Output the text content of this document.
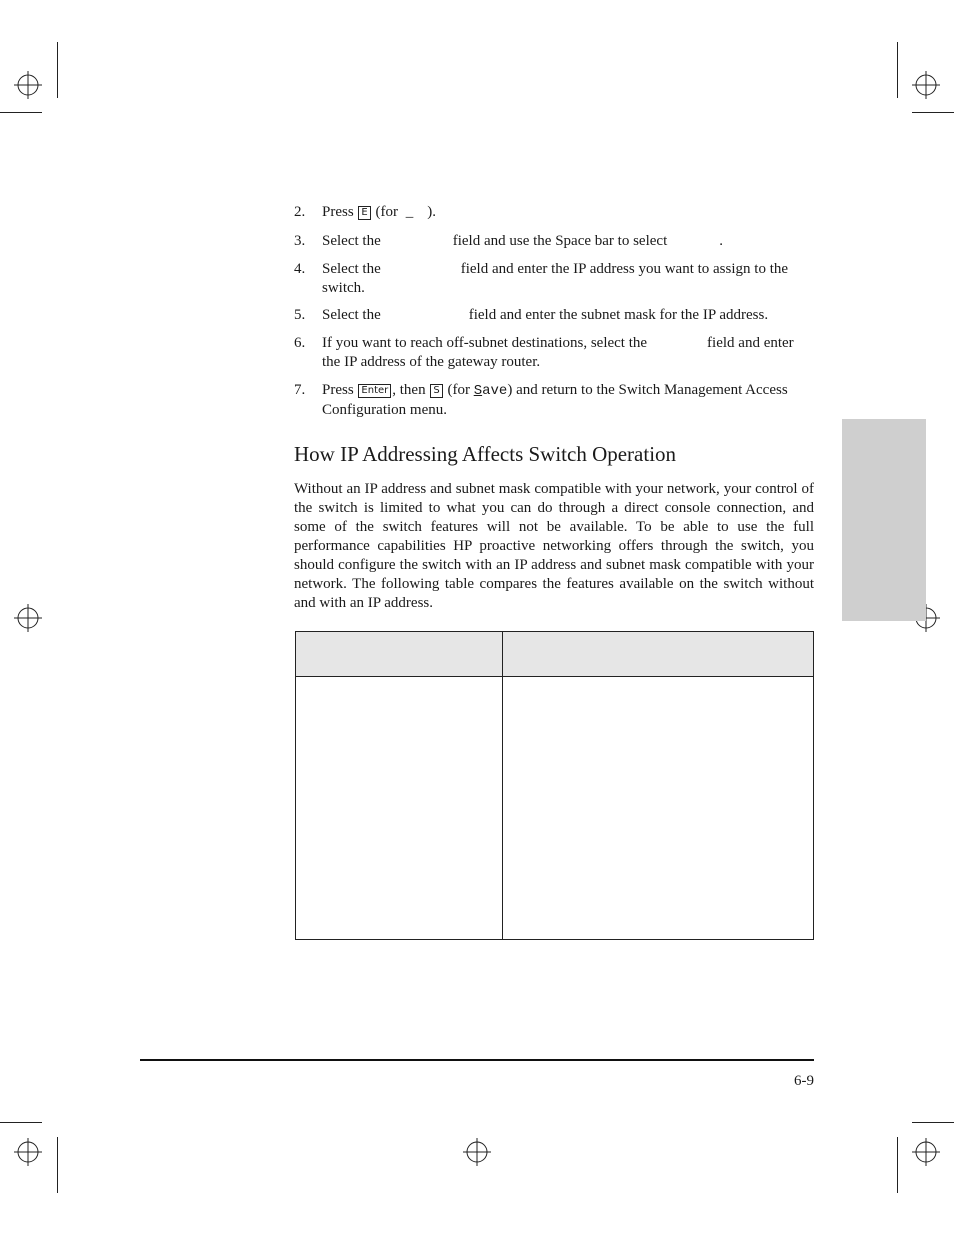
2. Press E (for _ ).
3. Select the	field and use the Space bar to select	.
4. Select the	field and enter the IP address you want to assign to the switch.
5. Select the	field and enter the subnet mask for the IP address.
6. If you want to reach off-subnet destinations, select the	field and enter the IP address of the gateway router.
7. Press Enter , then S (for Save) and return to the Switch Management Access Configuration menu.
How IP Addressing Affects Switch Operation

Without an IP address and subnet mask compatible with your network, your control of the switch is limited to what you can do through a direct console connection, and some of the switch features will not be available. To be able to use the full performance capabilities HP proactive networking offers through the switch, you should configure the switch with an IP address and subnet mask compatible with your network. The following table compares the features available on the switch without and with an IP address.

6-9
